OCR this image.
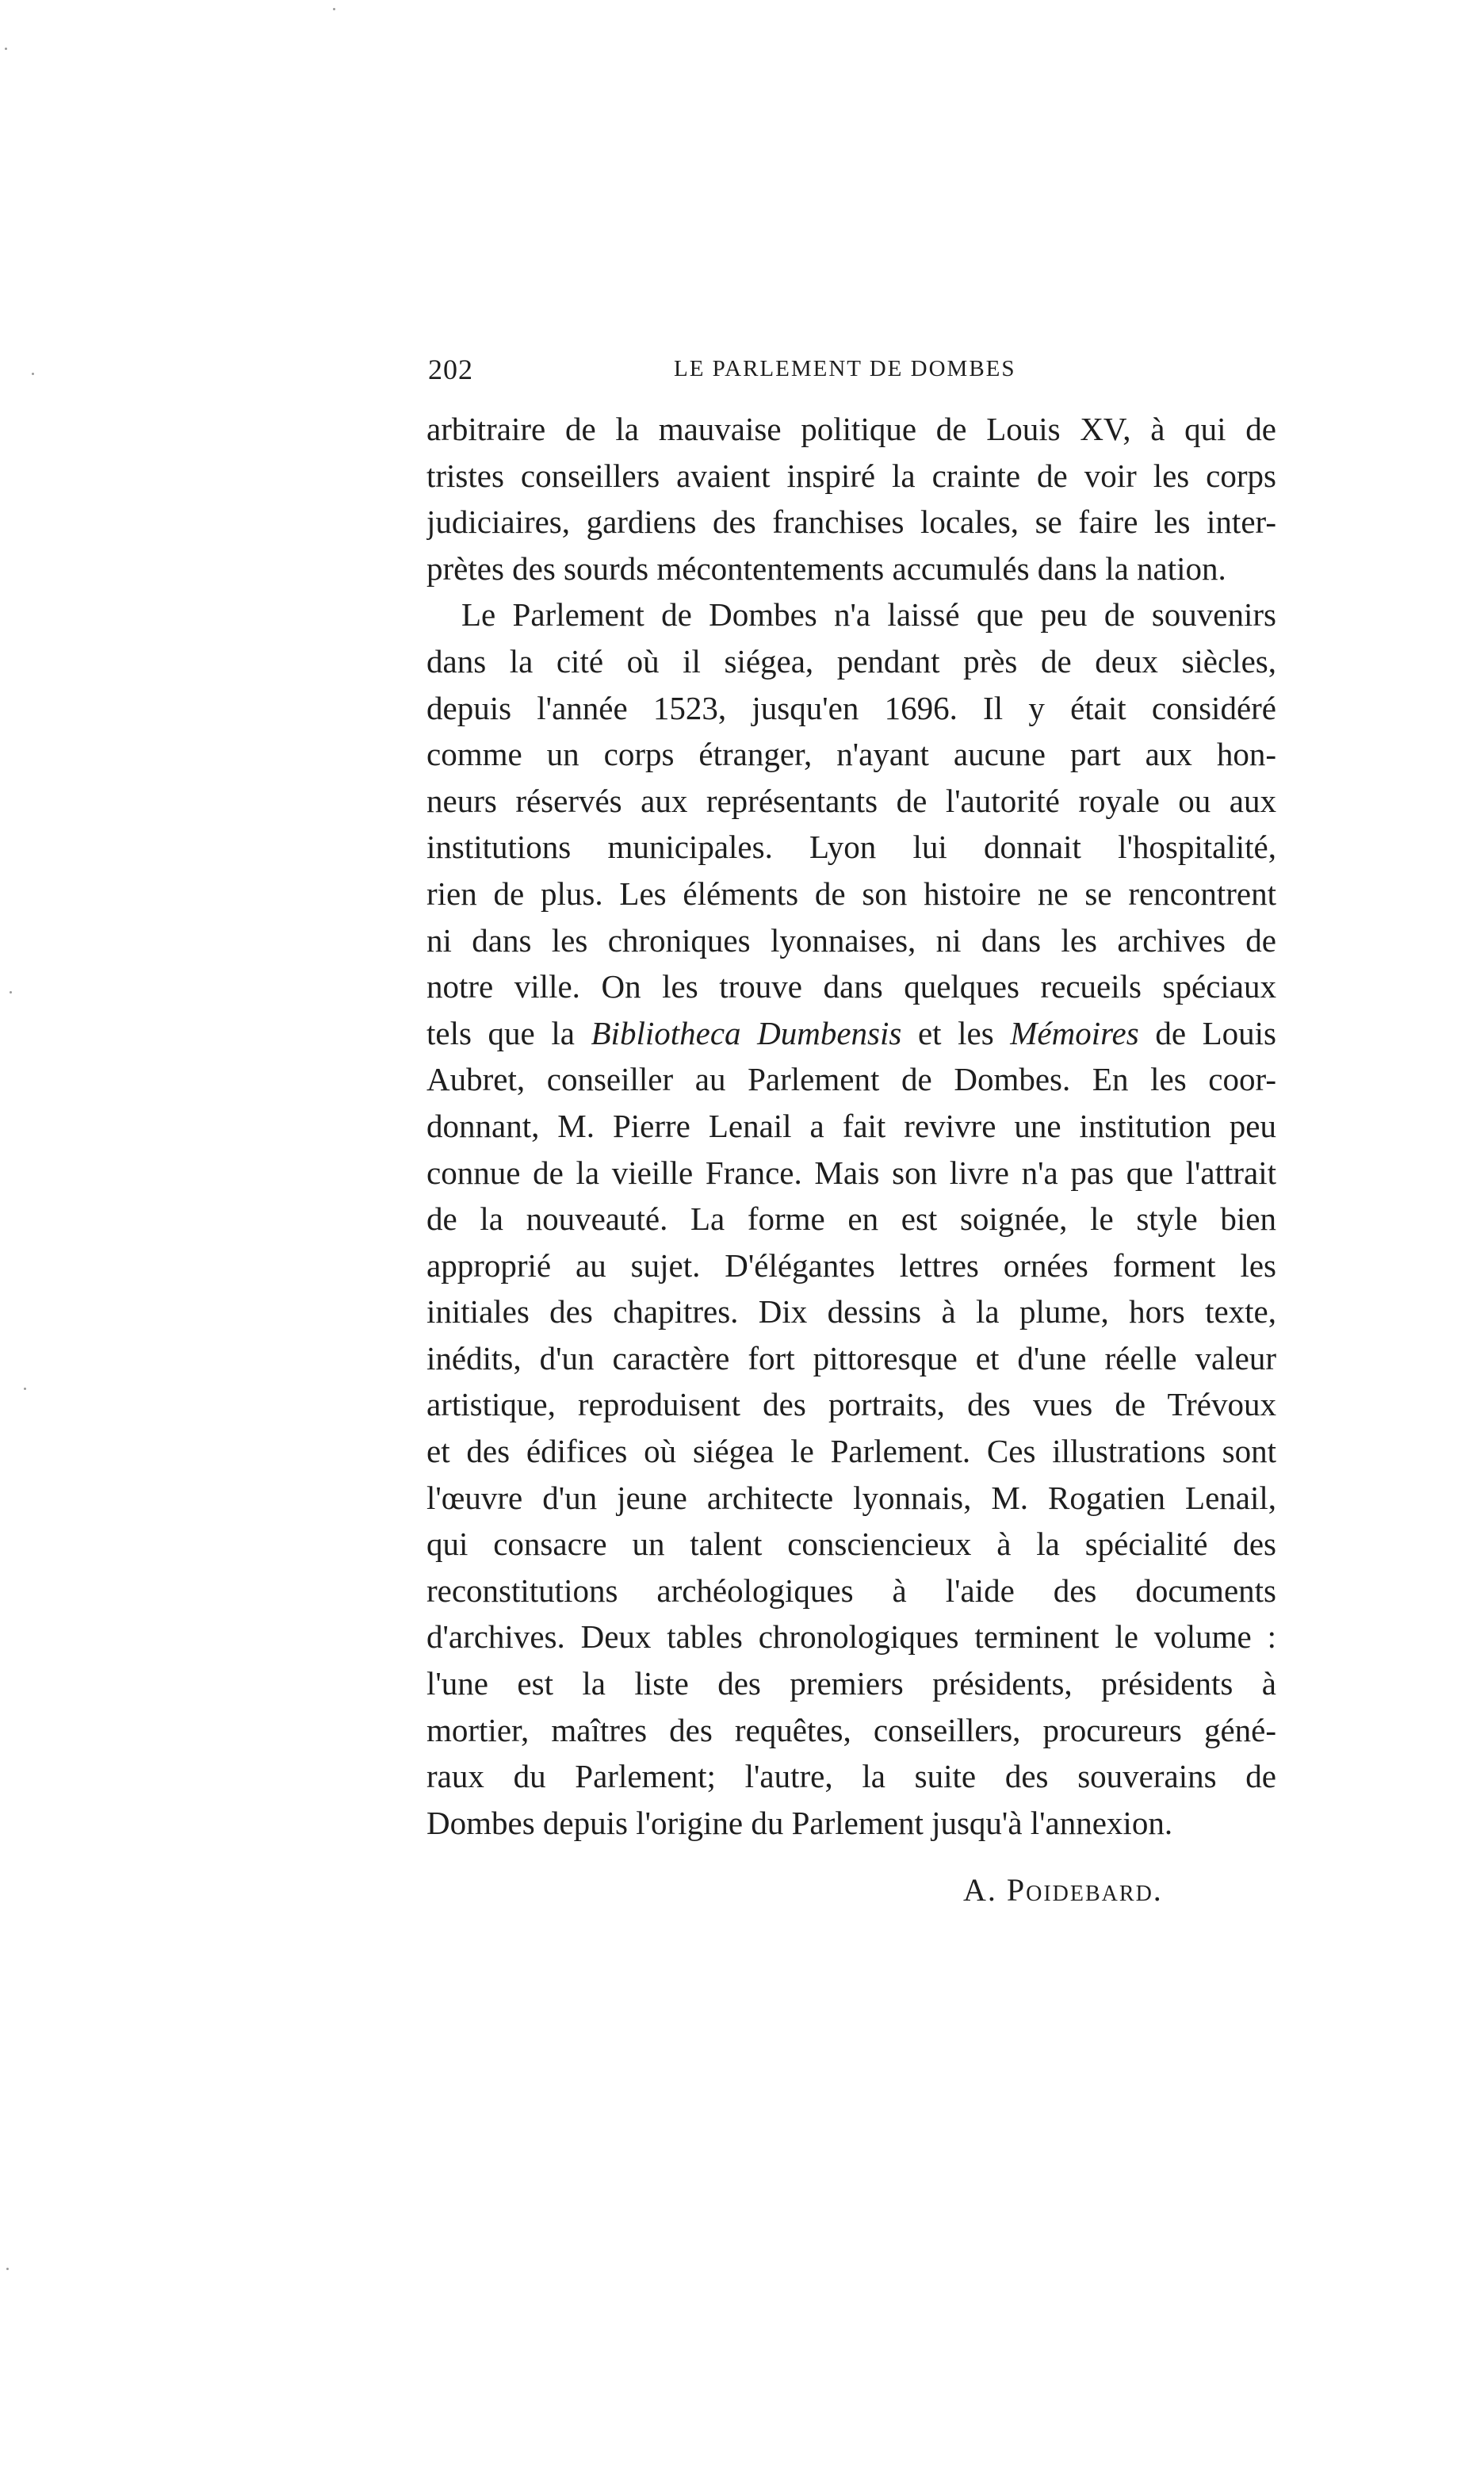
202	LE PARLEMENT DE DOMBES
arbitraire de la mauvaise politique de Louis XV, à qui de
tristes conseillers avaient inspiré la crainte de voir les corps
judiciaires, gardiens des franchises locales, se faire les inter-
prètes des sourds mécontentements accumulés dans la nation.
Le Parlement de Dombes n'a laissé que peu de souvenirs
dans la cité où il siégea, pendant près de deux siècles,
depuis l'année 1523, jusqu'en 1696. Il y était considéré
comme un corps étranger, n'ayant aucune part aux hon-
neurs réservés aux représentants de l'autorité royale ou aux
institutions municipales. Lyon lui donnait l'hospitalité,
rien de plus. Les éléments de son histoire ne se rencontrent
ni dans les chroniques lyonnaises, ni dans les archives de
notre ville. On les trouve dans quelques recueils spéciaux
tels que la Bibliotheca Dumbensis et les Mémoires de Louis
Aubret, conseiller au Parlement de Dombes. En les coor-
donnant, M. Pierre Lenail a fait revivre une institution peu
connue de la vieille France. Mais son livre n'a pas que l'attrait
de la nouveauté. La forme en est soignée, le style bien
approprié au sujet. D'élégantes lettres ornées forment les
initiales des chapitres. Dix dessins à la plume, hors texte,
inédits, d'un caractère fort pittoresque et d'une réelle valeur
artistique, reproduisent des portraits, des vues de Trévoux
et des édifices où siégea le Parlement. Ces illustrations sont
l'œuvre d'un jeune architecte lyonnais, M. Rogatien Lenail,
qui consacre un talent consciencieux à la spécialité des
reconstitutions archéologiques à l'aide des documents
d'archives. Deux tables chronologiques terminent le volume :
l'une est la liste des premiers présidents, présidents à
mortier, maîtres des requêtes, conseillers, procureurs géné-
raux du Parlement; l'autre, la suite des souverains de
Dombes depuis l'origine du Parlement jusqu'à l'annexion.
A. Poidebard.
